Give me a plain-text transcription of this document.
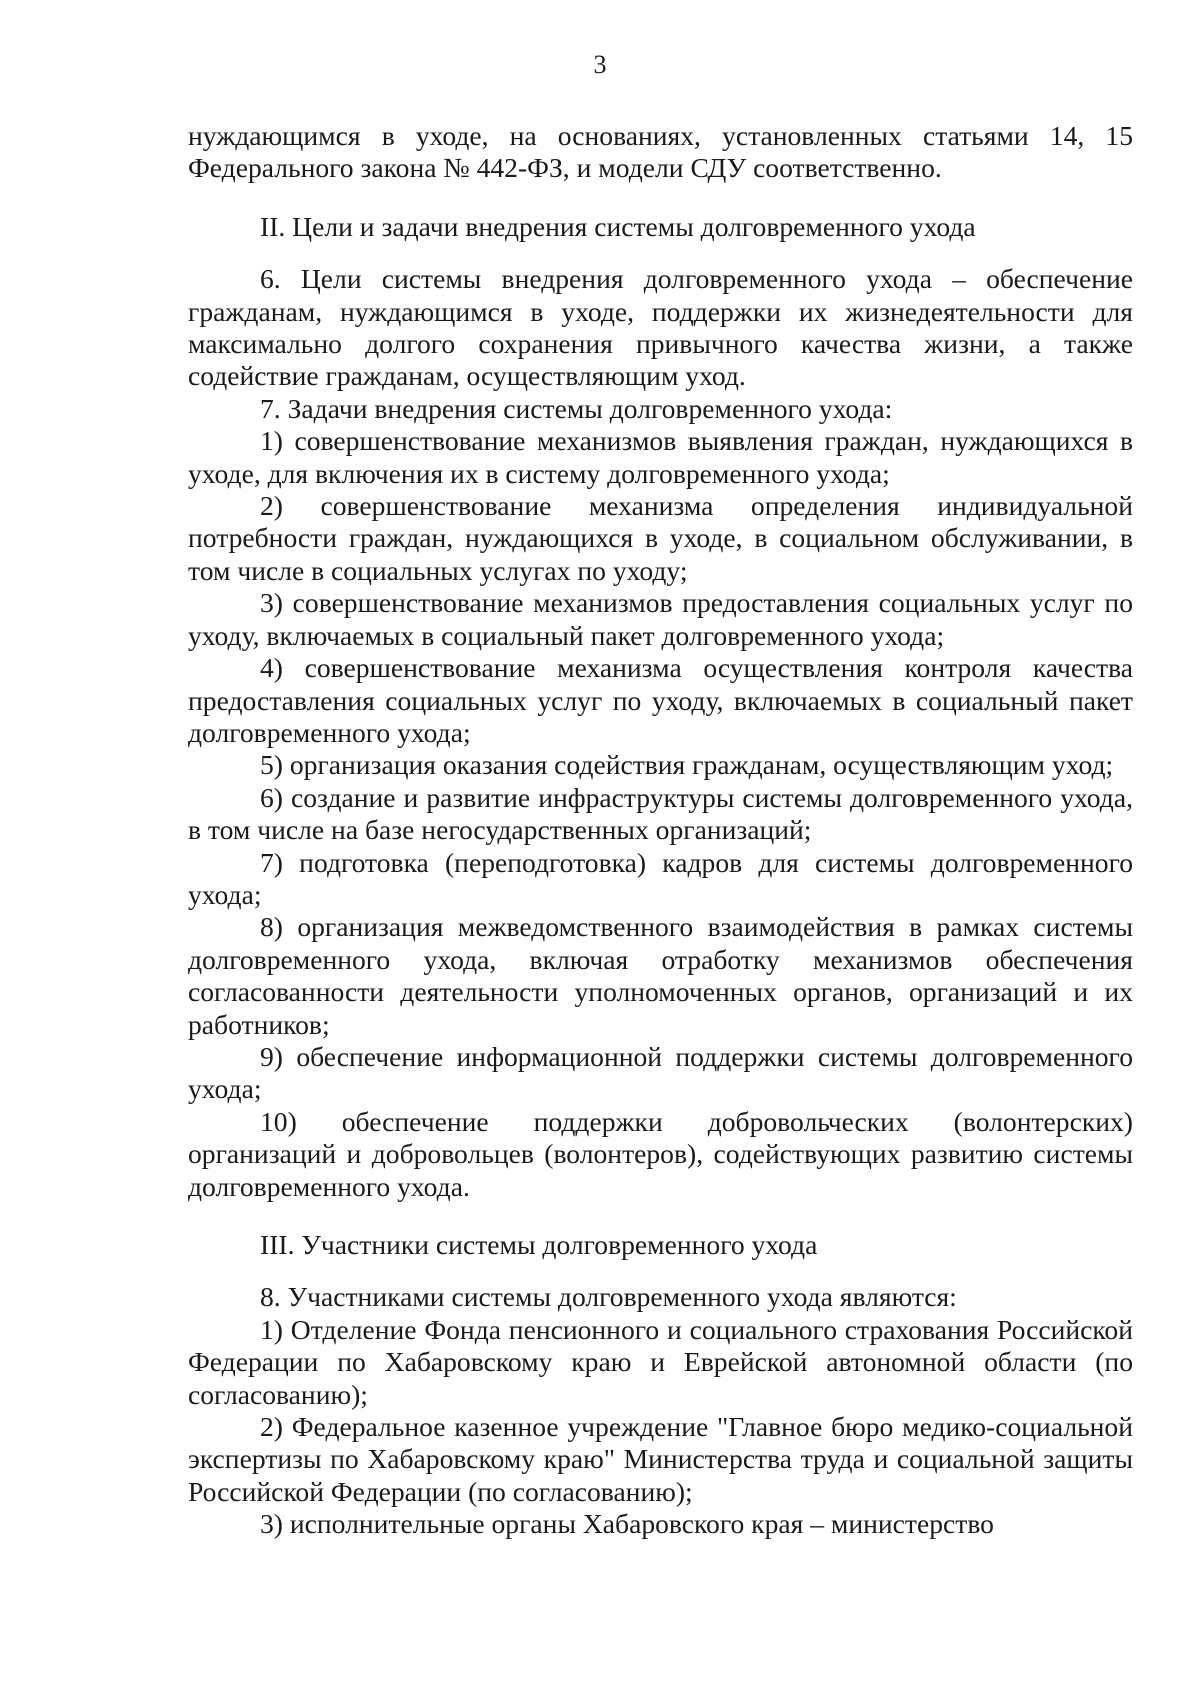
3

нуждающимся в уходе, на основаниях, установленных статьями 14, 15 Федерального закона № 442-ФЗ, и модели СДУ соответственно.

II. Цели и задачи внедрения системы долговременного ухода

6. Цели системы внедрения долговременного ухода – обеспечение гражданам, нуждающимся в уходе, поддержки их жизнедеятельности для максимально долгого сохранения привычного качества жизни, а также содействие гражданам, осуществляющим уход.

7. Задачи внедрения системы долговременного ухода:

1) совершенствование механизмов выявления граждан, нуждающихся в уходе, для включения их в систему долговременного ухода;

2) совершенствование механизма определения индивидуальной потребности граждан, нуждающихся в уходе, в социальном обслуживании, в том числе в социальных услугах по уходу;

3) совершенствование механизмов предоставления социальных услуг по уходу, включаемых в социальный пакет долговременного ухода;

4) совершенствование механизма осуществления контроля качества предоставления социальных услуг по уходу, включаемых в социальный пакет долговременного ухода;

5) организация оказания содействия гражданам, осуществляющим уход;

6) создание и развитие инфраструктуры системы долговременного ухода, в том числе на базе негосударственных организаций;

7) подготовка (переподготовка) кадров для системы долговременного ухода;

8) организация межведомственного взаимодействия в рамках системы долговременного ухода, включая отработку механизмов обеспечения согласованности деятельности уполномоченных органов, организаций и их работников;

9) обеспечение информационной поддержки системы долговременного ухода;

10) обеспечение поддержки добровольческих (волонтерских) организаций и добровольцев (волонтеров), содействующих развитию системы долговременного ухода.

III. Участники системы долговременного ухода

8. Участниками системы долговременного ухода являются:

1) Отделение Фонда пенсионного и социального страхования Российской Федерации по Хабаровскому краю и Еврейской автономной области (по согласованию);

2) Федеральное казенное учреждение "Главное бюро медико-социальной экспертизы по Хабаровскому краю" Министерства труда и социальной защиты Российской Федерации (по согласованию);

3) исполнительные органы Хабаровского края – министерство
